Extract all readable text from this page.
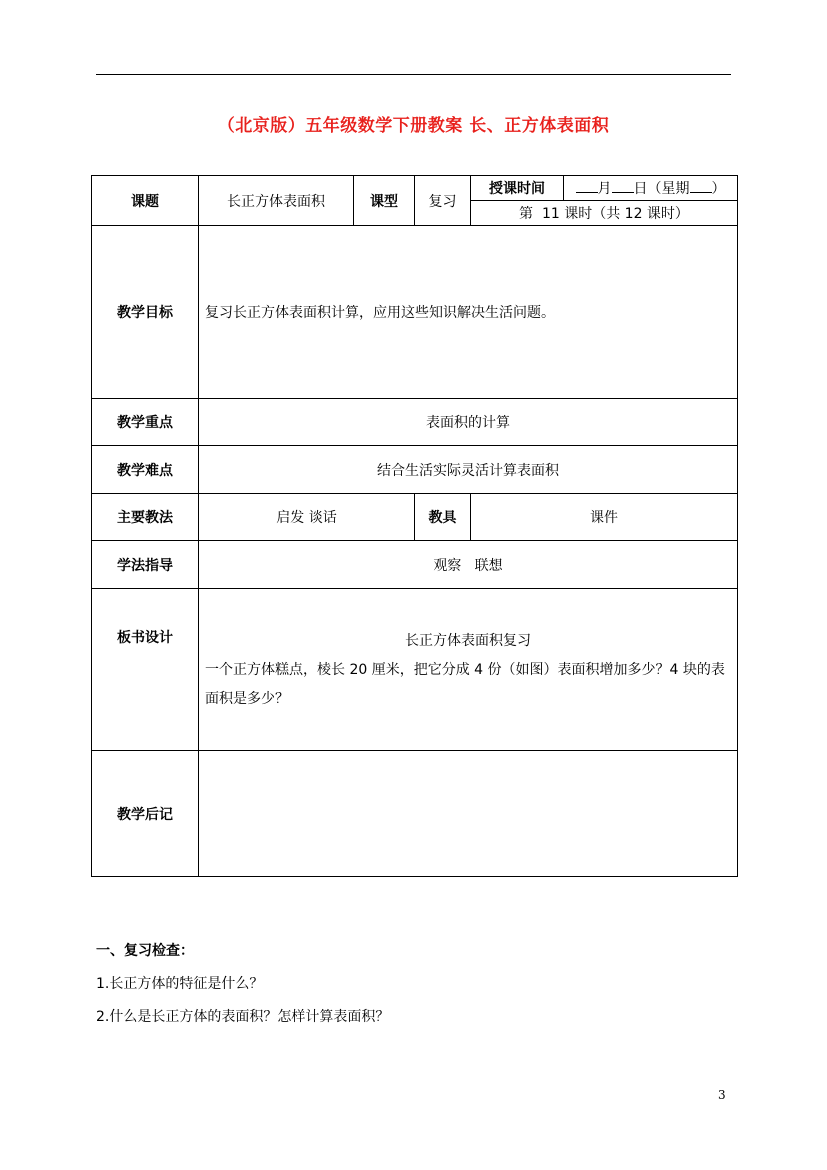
（北京版）五年级数学下册教案 长、正方体表面积
课题	长正方体表面积	课型	复习	授课时间	月 日（星期 ）
				第  11 课时（共 12 课时）	
教学目标	复习长正方体表面积计算，应用这些知识解决生活问题。				
教学重点	表面积的计算				
教学难点	结合生活实际灵活计算表面积				
主要教法	启发 谈话		教具	课件	
学法指导	观察   联想				
板书设计	长正方体表面积复习
一个正方体糕点，棱长 20 厘米，把它分成 4 份（如图）表面积增加多少？4 块的表面积是多少？				
教学后记					
一、复习检查：
1.长正方体的特征是什么？
2.什么是长正方体的表面积？怎样计算表面积？
3
